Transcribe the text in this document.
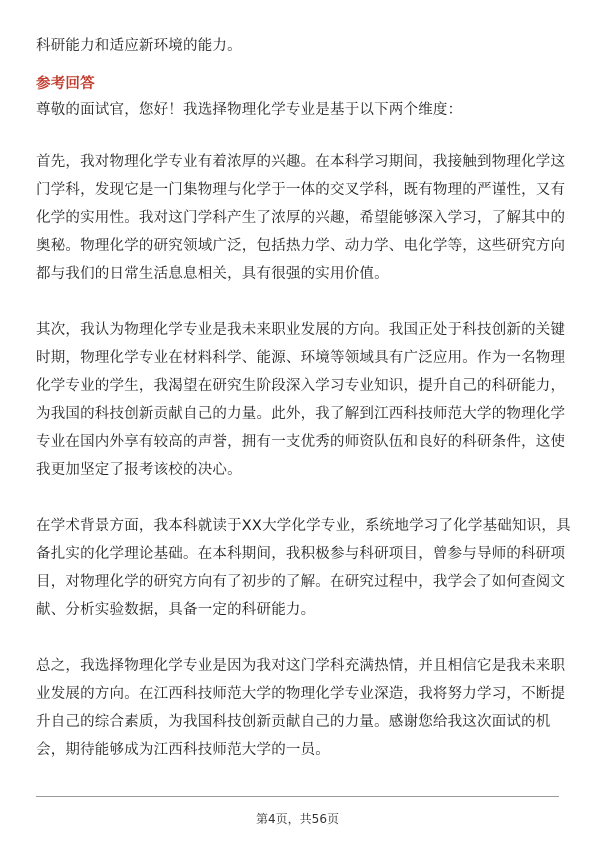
科研能力和适应新环境的能力。
参考回答
尊敬的面试官，您好！我选择物理化学专业是基于以下两个维度：
首先，我对物理化学专业有着浓厚的兴趣。在本科学习期间，我接触到物理化学这
门学科，发现它是一门集物理与化学于一体的交叉学科，既有物理的严谨性，又有
化学的实用性。我对这门学科产生了浓厚的兴趣，希望能够深入学习，了解其中的
奥秘。物理化学的研究领域广泛，包括热力学、动力学、电化学等，这些研究方向
都与我们的日常生活息息相关，具有很强的实用价值。
其次，我认为物理化学专业是我未来职业发展的方向。我国正处于科技创新的关键
时期，物理化学专业在材料科学、能源、环境等领域具有广泛应用。作为一名物理
化学专业的学生，我渴望在研究生阶段深入学习专业知识，提升自己的科研能力，
为我国的科技创新贡献自己的力量。此外，我了解到江西科技师范大学的物理化学
专业在国内外享有较高的声誉，拥有一支优秀的师资队伍和良好的科研条件，这使
我更加坚定了报考该校的决心。
在学术背景方面，我本科就读于XX大学化学专业，系统地学习了化学基础知识，具
备扎实的化学理论基础。在本科期间，我积极参与科研项目，曾参与导师的科研项
目，对物理化学的研究方向有了初步的了解。在研究过程中，我学会了如何查阅文
献、分析实验数据，具备一定的科研能力。
总之，我选择物理化学专业是因为我对这门学科充满热情，并且相信它是我未来职
业发展的方向。在江西科技师范大学的物理化学专业深造，我将努力学习，不断提
升自己的综合素质，为我国科技创新贡献自己的力量。感谢您给我这次面试的机
会，期待能够成为江西科技师范大学的一员。
第4页，共56页
